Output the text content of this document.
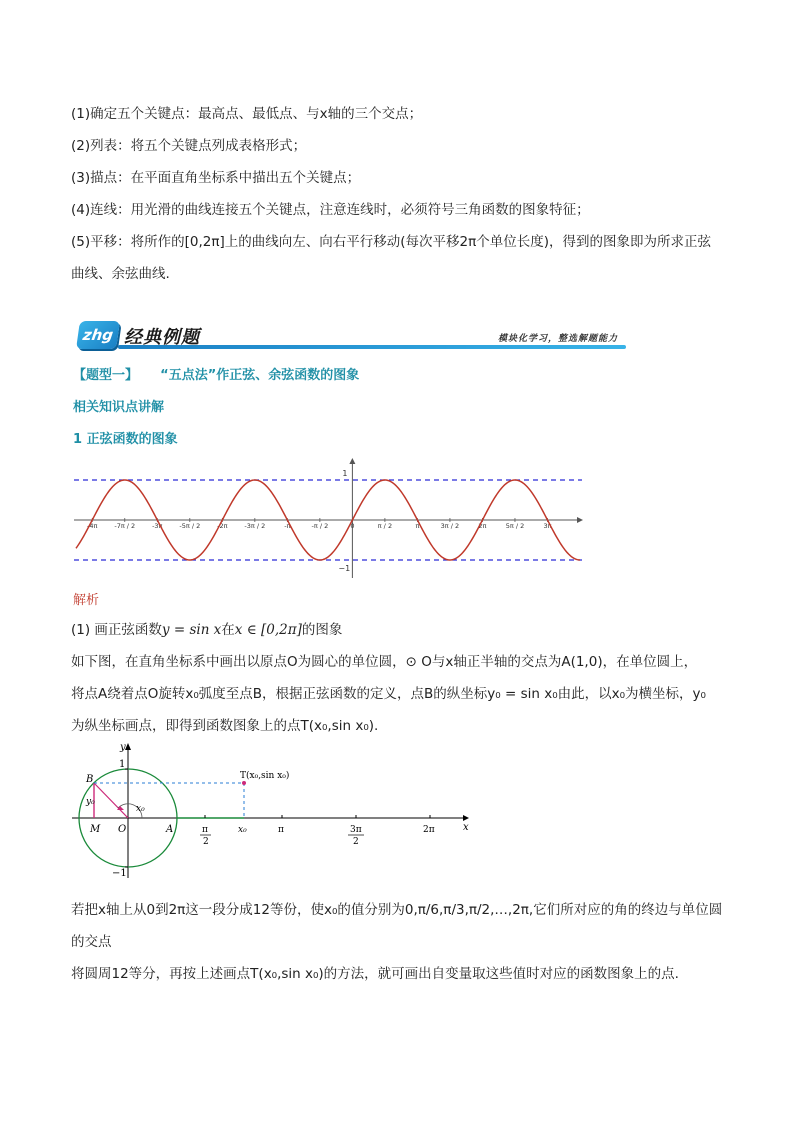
(1)确定五个关键点：最高点、最低点、与x轴的三个交点；

(2)列表：将五个关键点列成表格形式；

(3)描点：在平面直角坐标系中描出五个关键点；

(4)连线：用光滑的曲线连接五个关键点，注意连线时，必须符号三角函数的图象特征；

(5)平移：将所作的[0,2π]上的曲线向左、向右平行移动(每次平移2π个单位长度)，得到的图象即为所求正弦

曲线、余弦曲线.

zhg 经典例题	模块化学习，整选解题能力
【题型一】 “五点法”作正弦、余弦函数的图象
相关知识点讲解
1 正弦函数的图象
1
−1
-4π	-7π / 2	-3π	-5π / 2	-2π	-3π / 2	-π	-π / 2	0	π / 2	π	3π / 2	2π	5π / 2	3π
解析

(1) 画正弦函数y = sin x在x ∈ [0,2π]的图象

如下图，在直角坐标系中画出以原点O为圆心的单位圆，⊙ O与x轴正半轴的交点为A(1,0)，在单位圆上，
将点A绕着点O旋转x₀弧度至点B，根据正弦函数的定义，点B的纵坐标y₀ = sin x₀由此，以x₀为横坐标，y₀
为纵坐标画点，即得到函数图象上的点T(x₀,sin x₀).
y
x
1
−1
B
M O	A
y₀
x₀
T(x₀,sin x₀)
π
2
x₀	π	3π
2
2π
若把x轴上从0到2π这一段分成12等份，使x₀的值分别为0,π/6,π/3,π/2,…,2π,它们所对应的角的终边与单位圆的交点
将圆周12等分，再按上述画点T(x₀,sin x₀)的方法，就可画出自变量取这些值时对应的函数图象上的点.
